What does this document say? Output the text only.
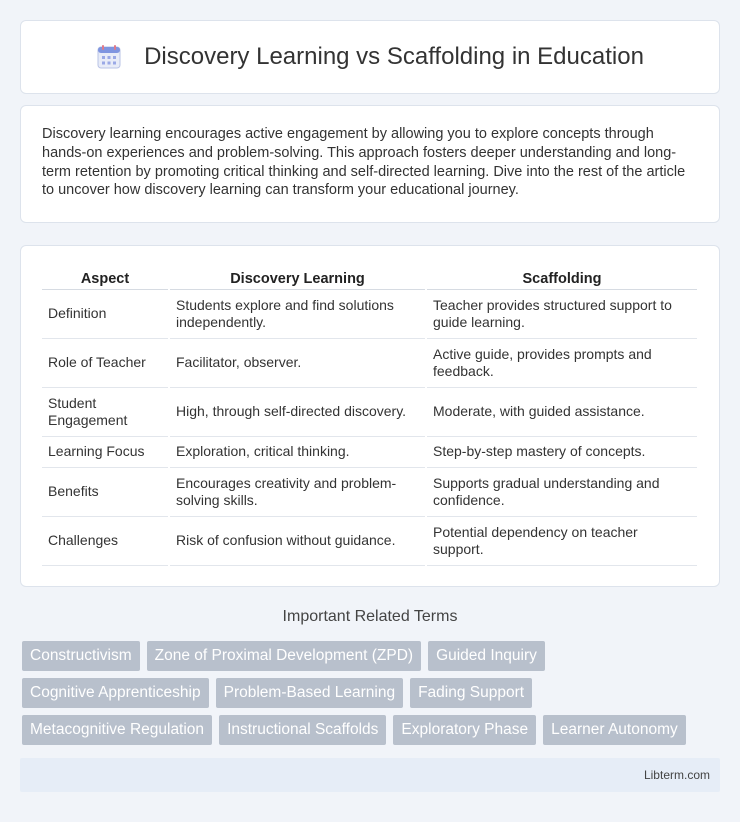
Discovery Learning vs Scaffolding in Education

Discovery learning encourages active engagement by allowing you to explore concepts through hands-on experiences and problem-solving. This approach fosters deeper understanding and long-term retention by promoting critical thinking and self-directed learning. Dive into the rest of the article to uncover how discovery learning can transform your educational journey.

Aspect	Discovery Learning	Scaffolding
Definition	Students explore and find solutions independently.	Teacher provides structured support to guide learning.
Role of Teacher	Facilitator, observer.	Active guide, provides prompts and feedback.
Student Engagement	High, through self-directed discovery.	Moderate, with guided assistance.
Learning Focus	Exploration, critical thinking.	Step-by-step mastery of concepts.
Benefits	Encourages creativity and problem-solving skills.	Supports gradual understanding and confidence.
Challenges	Risk of confusion without guidance.	Potential dependency on teacher support.
Important Related Terms
Constructivism	Zone of Proximal Development (ZPD)	Guided Inquiry
Cognitive Apprenticeship	Problem-Based Learning	Fading Support
Metacognitive Regulation	Instructional Scaffolds	Exploratory Phase	Learner Autonomy
Libterm.com
